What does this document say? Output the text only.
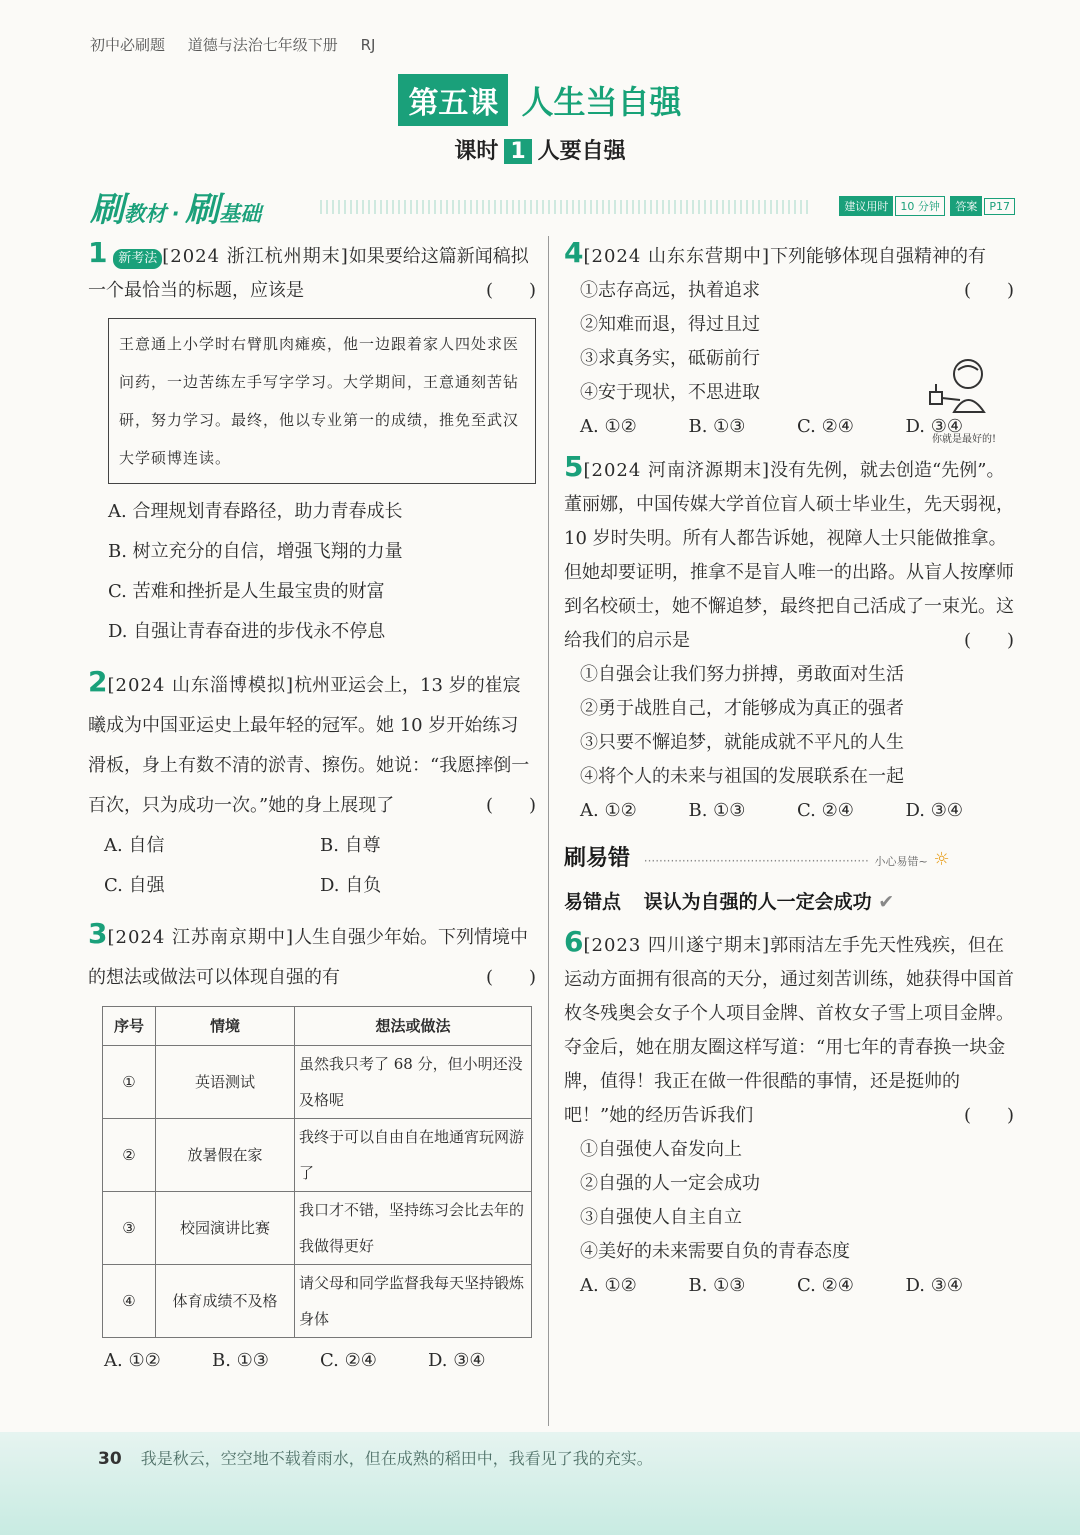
初中必刷题 道德与法治七年级下册 RJ
第五课 人生当自强
课时 1 人要自强
刷教材 · 刷基础	建议用时 10 分钟 答案 P17
1 新考法 [2024 浙江杭州期末]如果要给这篇新闻稿拟一个最恰当的标题，应该是	(　　)
王意通上小学时右臂肌肉瘫痪，他一边跟着家人四处求医问药，一边苦练左手写字学习。大学期间，王意通刻苦钻研，努力学习。最终，他以专业第一的成绩，推免至武汉大学硕博连读。
A. 合理规划青春路径，助力青春成长
B. 树立充分的自信，增强飞翔的力量
C. 苦难和挫折是人生最宝贵的财富
D. 自强让青春奋进的步伐永不停息
2[2024 山东淄博模拟]杭州亚运会上，13 岁的崔宸曦成为中国亚运史上最年轻的冠军。她 10 岁开始练习滑板，身上有数不清的淤青、擦伤。她说：“我愿摔倒一百次，只为成功一次。”她的身上展现了	(　　)
A. 自信	B. 自尊
C. 自强	D. 自负
3[2024 江苏南京期中]人生自强少年始。下列情境中的想法或做法可以体现自强的有	(　　)
序号	情境	想法或做法
①	英语测试	虽然我只考了 68 分，但小明还没及格呢
②	放暑假在家	我终于可以自由自在地通宵玩网游了
③	校园演讲比赛	我口才不错，坚持练习会比去年的我做得更好
④	体育成绩不及格	请父母和同学监督我每天坚持锻炼身体
A. ①②	B. ①③	C. ②④	D. ③④
4[2024 山东东营期中]下列能够体现自强精神的有
(　　)
①志存高远，执着追求
②知难而退，得过且过
③求真务实，砥砺前行
④安于现状，不思进取
A. ①②	B. ①③	C. ②④	D. ③④
5[2024 河南济源期末]没有先例，就去创造“先例”。董丽娜，中国传媒大学首位盲人硕士毕业生，先天弱视，10 岁时失明。所有人都告诉她，视障人士只能做推拿。但她却要证明，推拿不是盲人唯一的出路。从盲人按摩师到名校硕士，她不懈追梦，最终把自己活成了一束光。这给我们的启示是	(　　)
①自强会让我们努力拼搏，勇敢面对生活
②勇于战胜自己，才能够成为真正的强者
③只要不懈追梦，就能成就不平凡的人生
④将个人的未来与祖国的发展联系在一起
A. ①②	B. ①③	C. ②④	D. ③④
刷易错 ··························································· 小心易错~ ☼
易错点 误认为自强的人一定会成功 ✔
6[2023 四川遂宁期末]郭雨洁左手先天性残疾，但在运动方面拥有很高的天分，通过刻苦训练，她获得中国首枚冬残奥会女子个人项目金牌、首枚女子雪上项目金牌。夺金后，她在朋友圈这样写道：“用七年的青春换一块金牌，值得！我正在做一件很酷的事情，还是挺帅的吧！”她的经历告诉我们	(　　)
①自强使人奋发向上
②自强的人一定会成功
③自强使人自主自立
④美好的未来需要自负的青春态度
A. ①②	B. ①③	C. ②④	D. ③④
你就是最好的!
30 我是秋云，空空地不载着雨水，但在成熟的稻田中，我看见了我的充实。
